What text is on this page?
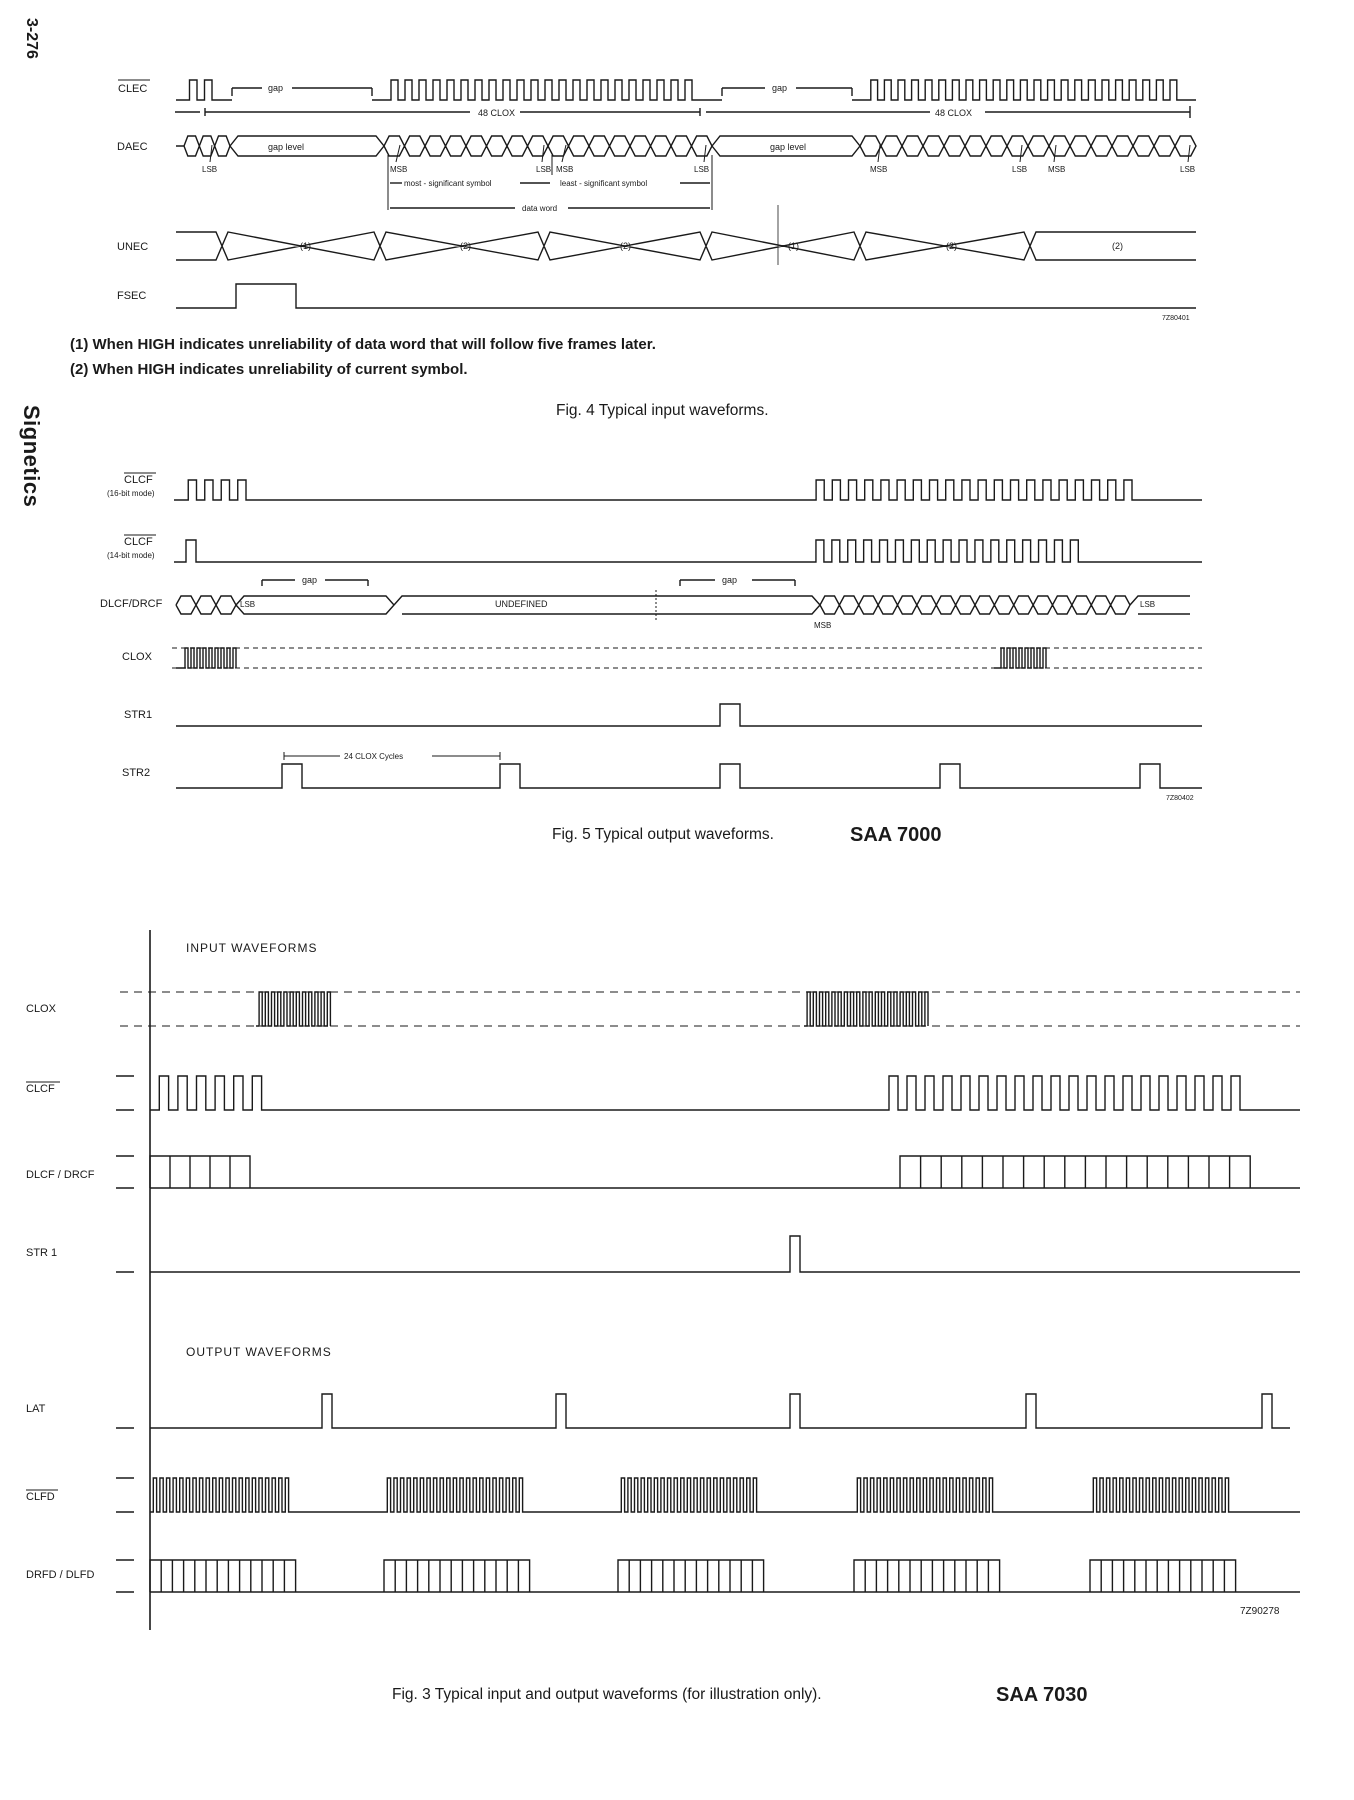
3-276
Signetics
CLEC
DAEC
UNEC
FSEC
gap	gap
48 CLOX	48 CLOX
gap level	gap level
LSB	MSB	LSB MSB	LSB	MSB	LSB	MSB	LSB
most - significant symbol	least - significant symbol
data word
(1)	(2)	(2)	(1)	(2)	(2)
7Z80401
CLCF
(16-bit mode)
CLCF
(14-bit mode)
DLCF/DRCF
CLOX
STR1
STR2
gap	gap
LSB	UNDEFINED	LSB
MSB
24 CLOX Cycles
7Z80402
INPUT WAVEFORMS
OUTPUT WAVEFORMS
CLOX
CLCF
DLCF / DRCF
STR 1
LAT
CLFD
DRFD / DLFD
7Z90278
(1) When HIGH indicates unreliability of data word that will follow five frames later.
(2) When HIGH indicates unreliability of current symbol.
Fig. 4 Typical input waveforms.
Fig. 5 Typical output waveforms.	SAA 7000
Fig. 3 Typical input and output waveforms (for illustration only).	SAA 7030
